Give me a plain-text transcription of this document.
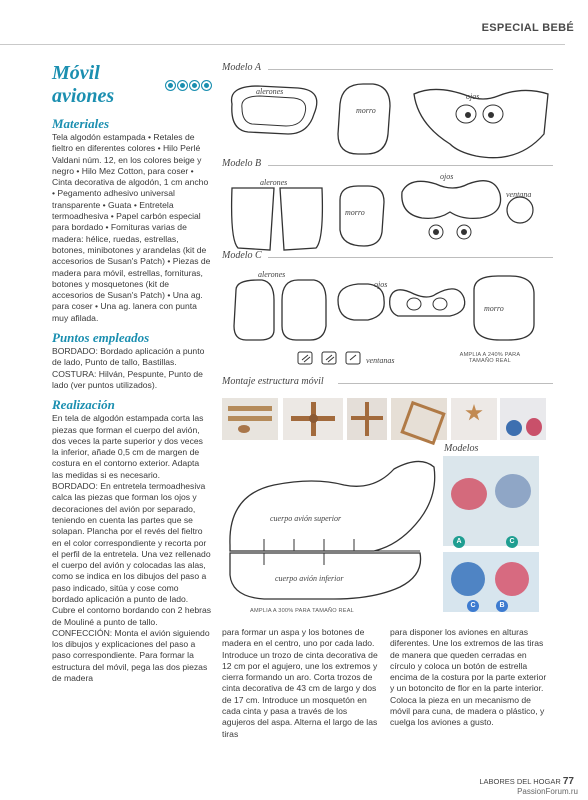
ESPECIAL BEBÉ
Móvil aviones
Materiales

Tela algodón estampada • Retales de fieltro en diferentes colores • Hilo Perlé Valdani núm. 12, en los colores beige y negro • Hilo Mez Cotton, para coser • Cinta decorativa de algodón, 1 cm ancho • Pegamento adhesivo universal transparente • Guata • Entretela termoadhesiva • Papel carbón especial para bordado • Fornituras varias de madera: hélice, ruedas, estrellas, botones, minibotones y arandelas (kit de accesorios de Susan's Patch) • Piezas de madera para móvil, estrellas, fornituras, botones y mosquetones (kit de accesorios de Susan's Patch) • Una ag. para coser • Una ag. lanera con punta muy afilada.

Puntos empleados

BORDADO: Bordado aplicación a punto de lado, Punto de tallo, Bastillas. COSTURA: Hilván, Pespunte, Punto de lado (ver puntos utilizados).

Realización

En tela de algodón estampada corta las piezas que forman el cuerpo del avión, dos veces la parte superior y dos veces la inferior, añade 0,5 cm de margen de costura en el contorno exterior. Adapta las medidas si es necesario.

BORDADO: En entretela termoadhesiva calca las piezas que forman los ojos y decoraciones del avión por separado, teniendo en cuenta las partes que se solapan. Plancha por el revés del fieltro en el color correspondiente y recorta por el perfil de la entretela. Una vez rellenado el cuerpo del avión y colocadas las alas, como se indica en los dibujos del paso a paso indicado, sitúa y cose como bordado aplicación a punto de lado. Cubre el contorno bordando con 2 hebras de Mouliné a punto de tallo.

CONFECCIÓN: Monta el avión siguiendo los dibujos y explicaciones del paso a paso correspondiente. Para formar la estructura del móvil, pega las dos piezas de madera

Modelo A
alerones
morro
ojos
Modelo B
alerones
morro
ojos
ventana
Modelo C
alerones
ojos
morro
ventanas
AMPLIA A 240% PARA TAMAÑO REAL
Montaje estructura móvil
cuerpo avión superior
cuerpo avión inferior
AMPLIA A 300% PARA TAMAÑO REAL
Modelos
A	C
C	B
para formar un aspa y los botones de madera en el centro, uno por cada lado. Introduce un trozo de cinta decorativa de 12 cm por el agujero, une los extremos y cierra formando un aro. Corta trozos de cinta decorativa de 43 cm de largo y dos de 17 cm. Introduce un mosquetón en cada cinta y pasa a través de los agujeros del aspa. Alterna el largo de las tiras
para disponer los aviones en alturas diferentes. Une los extremos de las tiras de manera que queden cerradas en círculo y coloca un botón de estrella encima de la costura por la parte exterior y un botoncito de flor en la parte interior. Coloca la pieza en un mecanismo de móvil para cuna, de madera o plástico, y cuelga los aviones a gusto.
LABORES DEL HOGAR 77
PassionForum.ru
